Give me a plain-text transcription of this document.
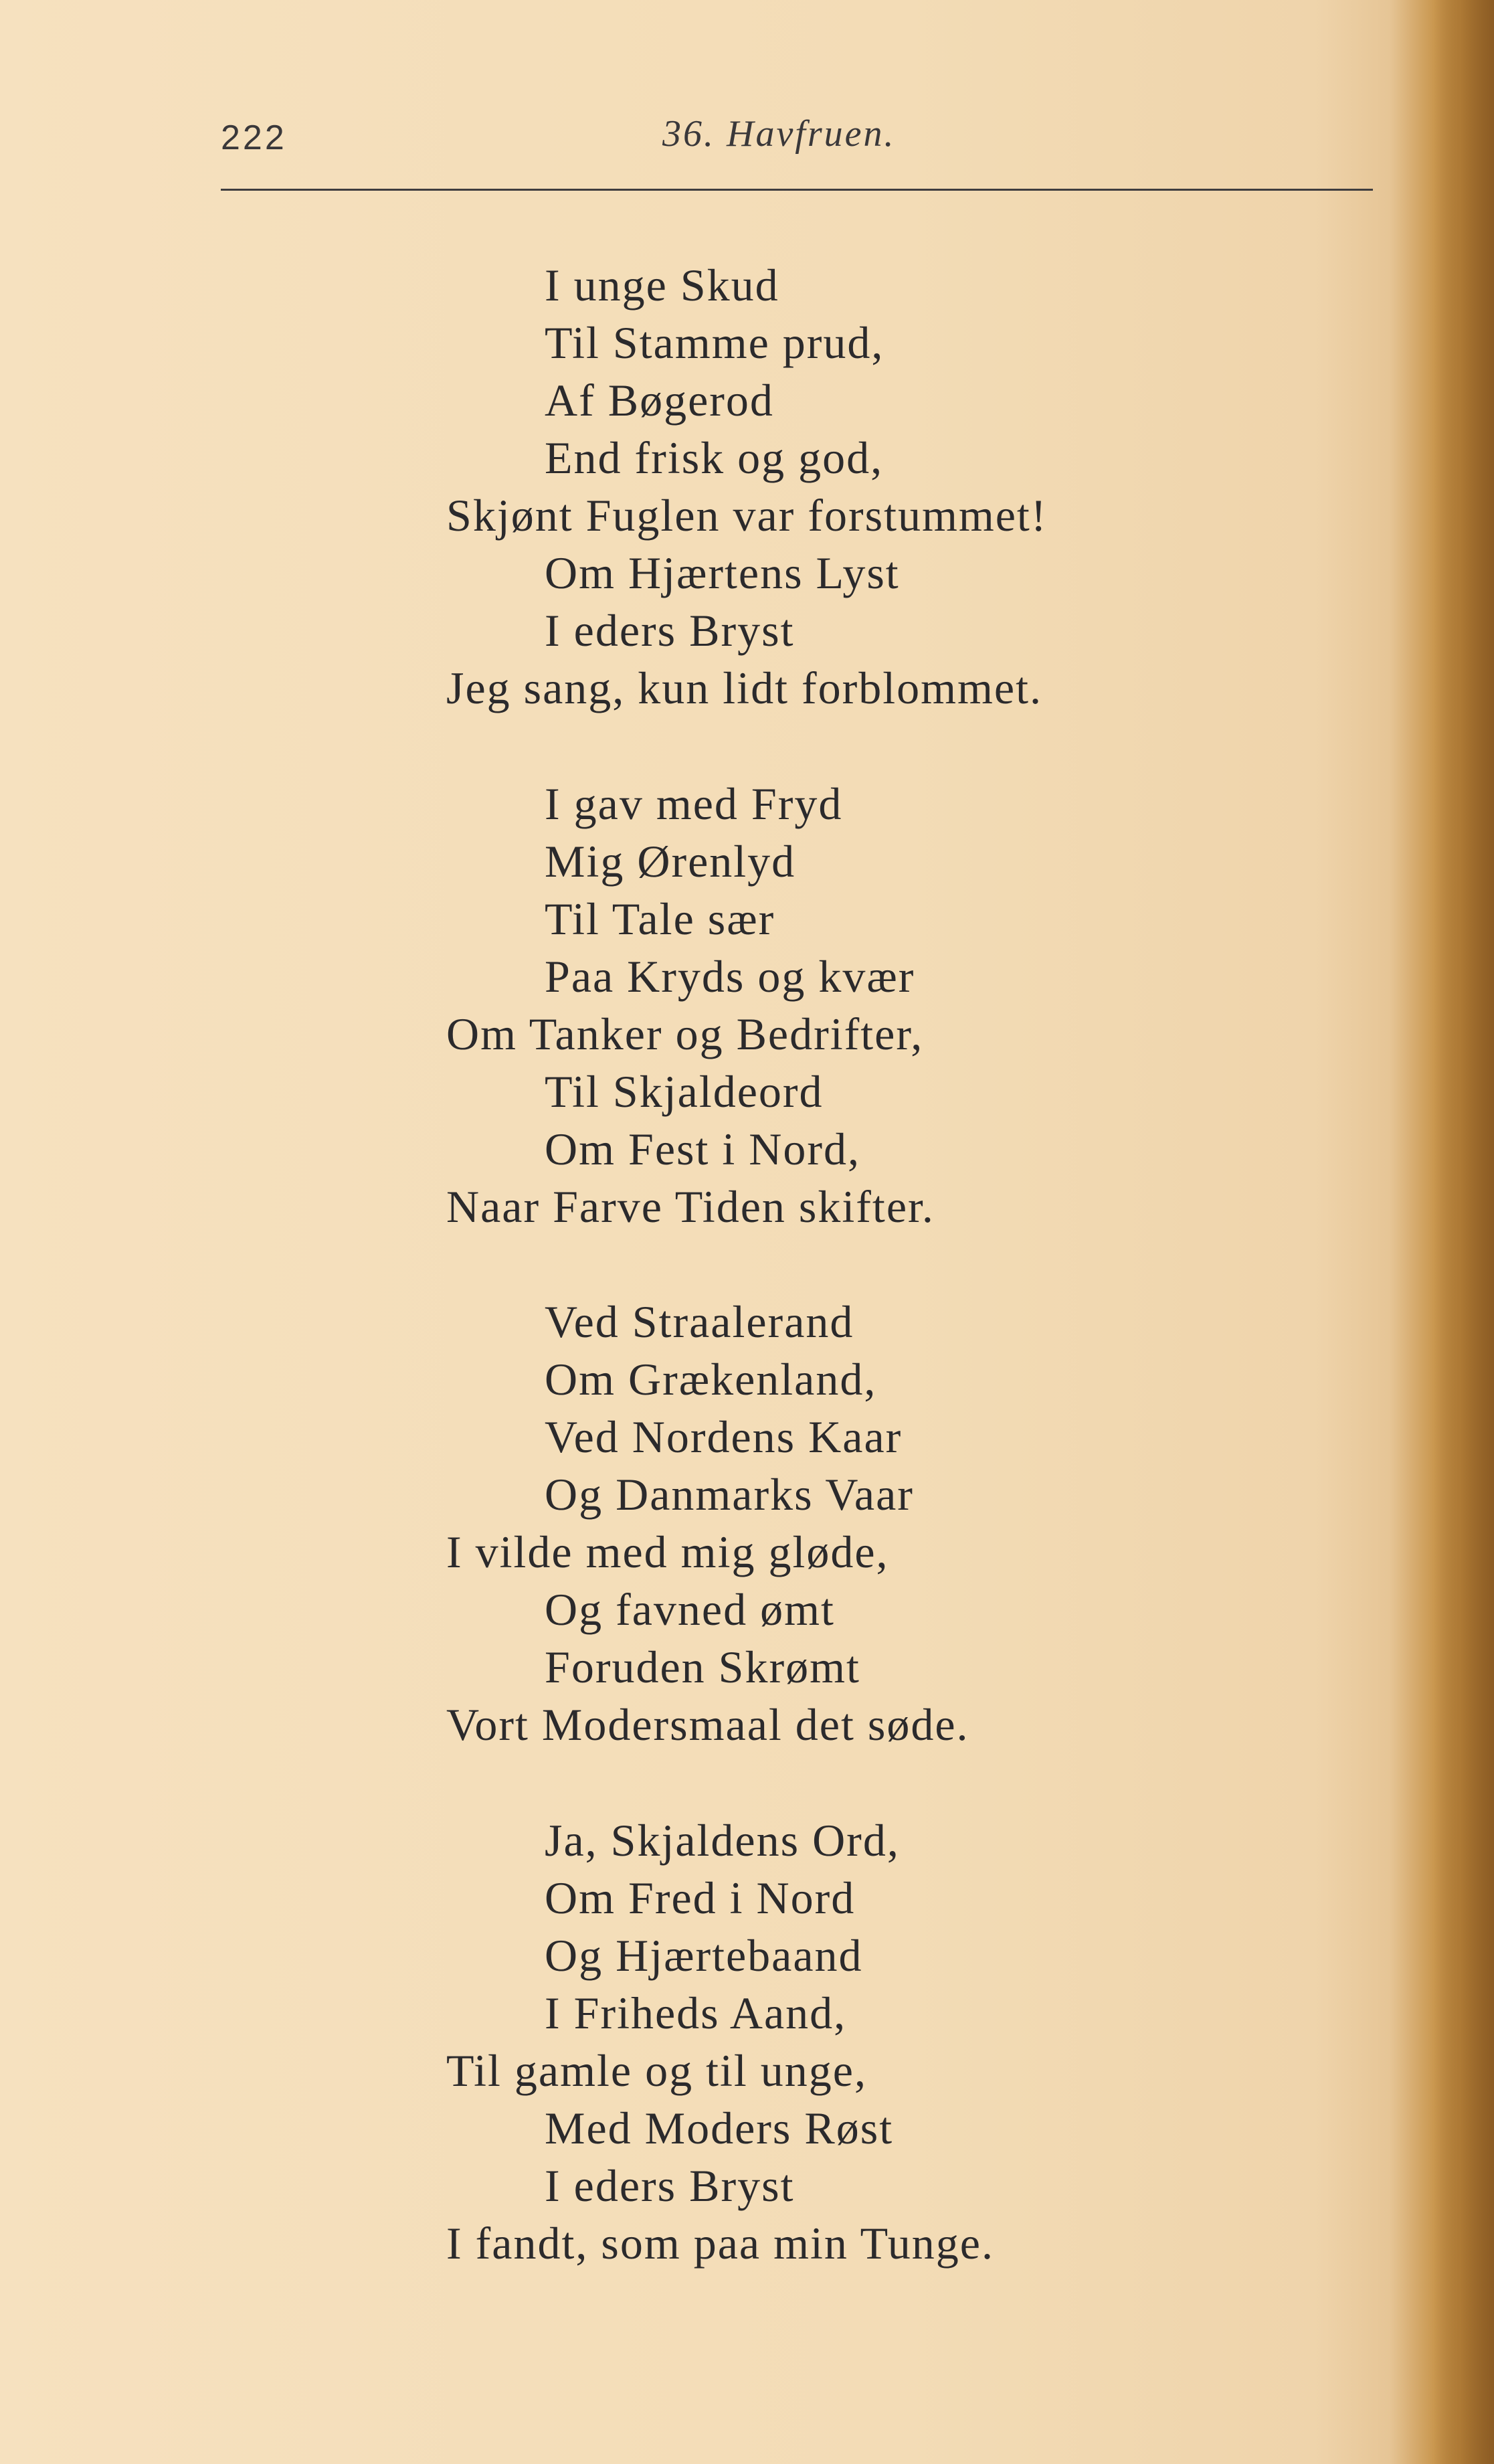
222	36. Havfruen.
I unge Skud
Til Stamme prud,
Af Bøgerod
End frisk og god,
Skjønt Fuglen var forstummet!
Om Hjærtens Lyst
I eders Bryst
Jeg sang, kun lidt forblommet.
I gav med Fryd
Mig Ørenlyd
Til Tale sær
Paa Kryds og kvær
Om Tanker og Bedrifter,
Til Skjaldeord
Om Fest i Nord,
Naar Farve Tiden skifter.
Ved Straalerand
Om Grækenland,
Ved Nordens Kaar
Og Danmarks Vaar
I vilde med mig gløde,
Og favned ømt
Foruden Skrømt
Vort Modersmaal det søde.
Ja, Skjaldens Ord,
Om Fred i Nord
Og Hjærtebaand
I Friheds Aand,
Til gamle og til unge,
Med Moders Røst
I eders Bryst
I fandt, som paa min Tunge.
